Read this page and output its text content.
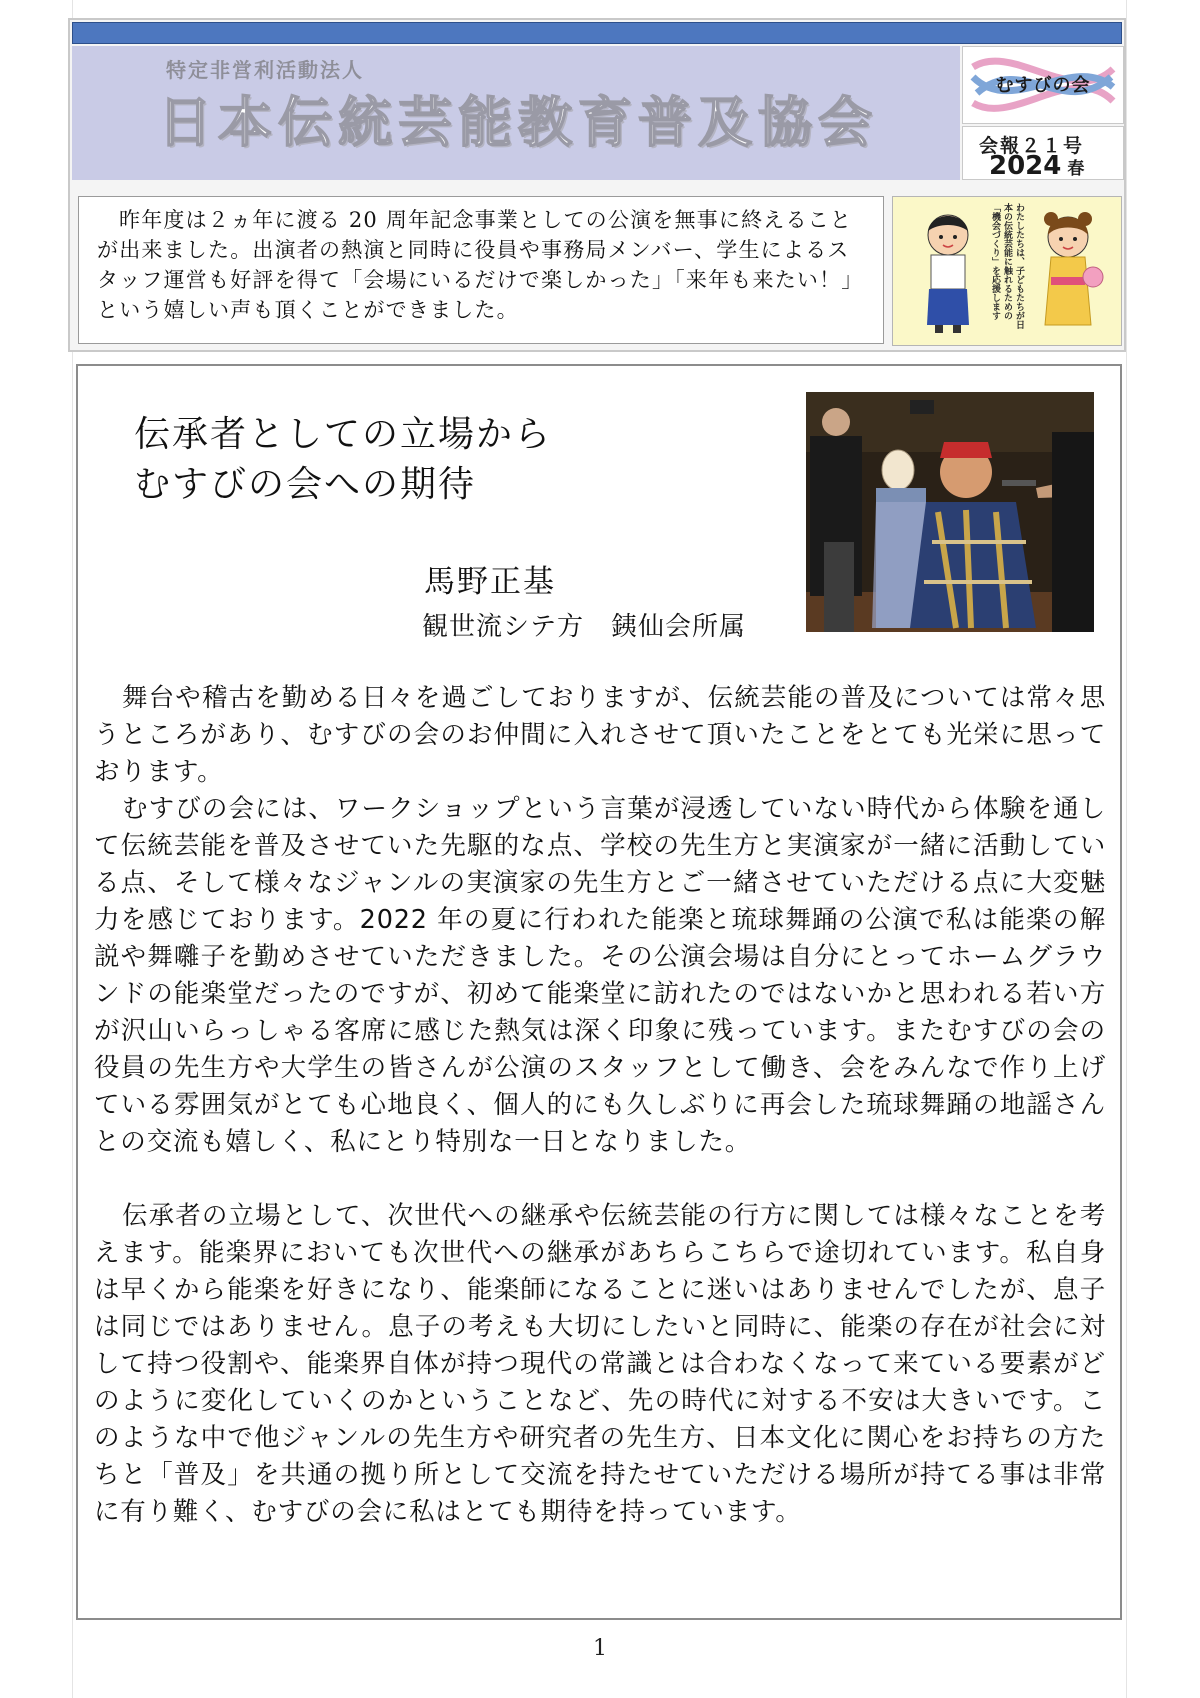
特定非営利活動法人
日本伝統芸能教育普及協会
むすびの会
会報２１号
2024 春

昨年度は２ヵ年に渡る 20 周年記念事業としての公演を無事に終えることが出来ました。出演者の熱演と同時に役員や事務局メンバー、学生によるスタッフ運営も好評を得て「会場にいるだけで楽しかった」「来年も来たい！」という嬉しい声も頂くことができました。	わたしたちは、子どもたちが日本の伝統芸能に触れるための「機会づくり」を応援します
伝承者としての立場から
むすびの会への期待
馬野正基
観世流シテ方　銕仙会所属

舞台や稽古を勤める日々を過ごしておりますが、伝統芸能の普及については常々思うところがあり、むすびの会のお仲間に入れさせて頂いたことをとても光栄に思っております。

むすびの会には、ワークショップという言葉が浸透していない時代から体験を通して伝統芸能を普及させていた先駆的な点、学校の先生方と実演家が一緒に活動している点、そして様々なジャンルの実演家の先生方とご一緒させていただける点に大変魅力を感じております。2022 年の夏に行われた能楽と琉球舞踊の公演で私は能楽の解説や舞囃子を勤めさせていただきました。その公演会場は自分にとってホームグラウンドの能楽堂だったのですが、初めて能楽堂に訪れたのではないかと思われる若い方が沢山いらっしゃる客席に感じた熱気は深く印象に残っています。またむすびの会の役員の先生方や大学生の皆さんが公演のスタッフとして働き、会をみんなで作り上げている雰囲気がとても心地良く、個人的にも久しぶりに再会した琉球舞踊の地謡さんとの交流も嬉しく、私にとり特別な一日となりました。

伝承者の立場として、次世代への継承や伝統芸能の行方に関しては様々なことを考えます。能楽界においても次世代への継承があちらこちらで途切れています。私自身は早くから能楽を好きになり、能楽師になることに迷いはありませんでしたが、息子は同じではありません。息子の考えも大切にしたいと同時に、能楽の存在が社会に対して持つ役割や、能楽界自体が持つ現代の常識とは合わなくなって来ている要素がどのように変化していくのかということなど、先の時代に対する不安は大きいです。このような中で他ジャンルの先生方や研究者の先生方、日本文化に関心をお持ちの方たちと「普及」を共通の拠り所として交流を持たせていただける場所が持てる事は非常に有り難く、むすびの会に私はとても期待を持っています。

1
